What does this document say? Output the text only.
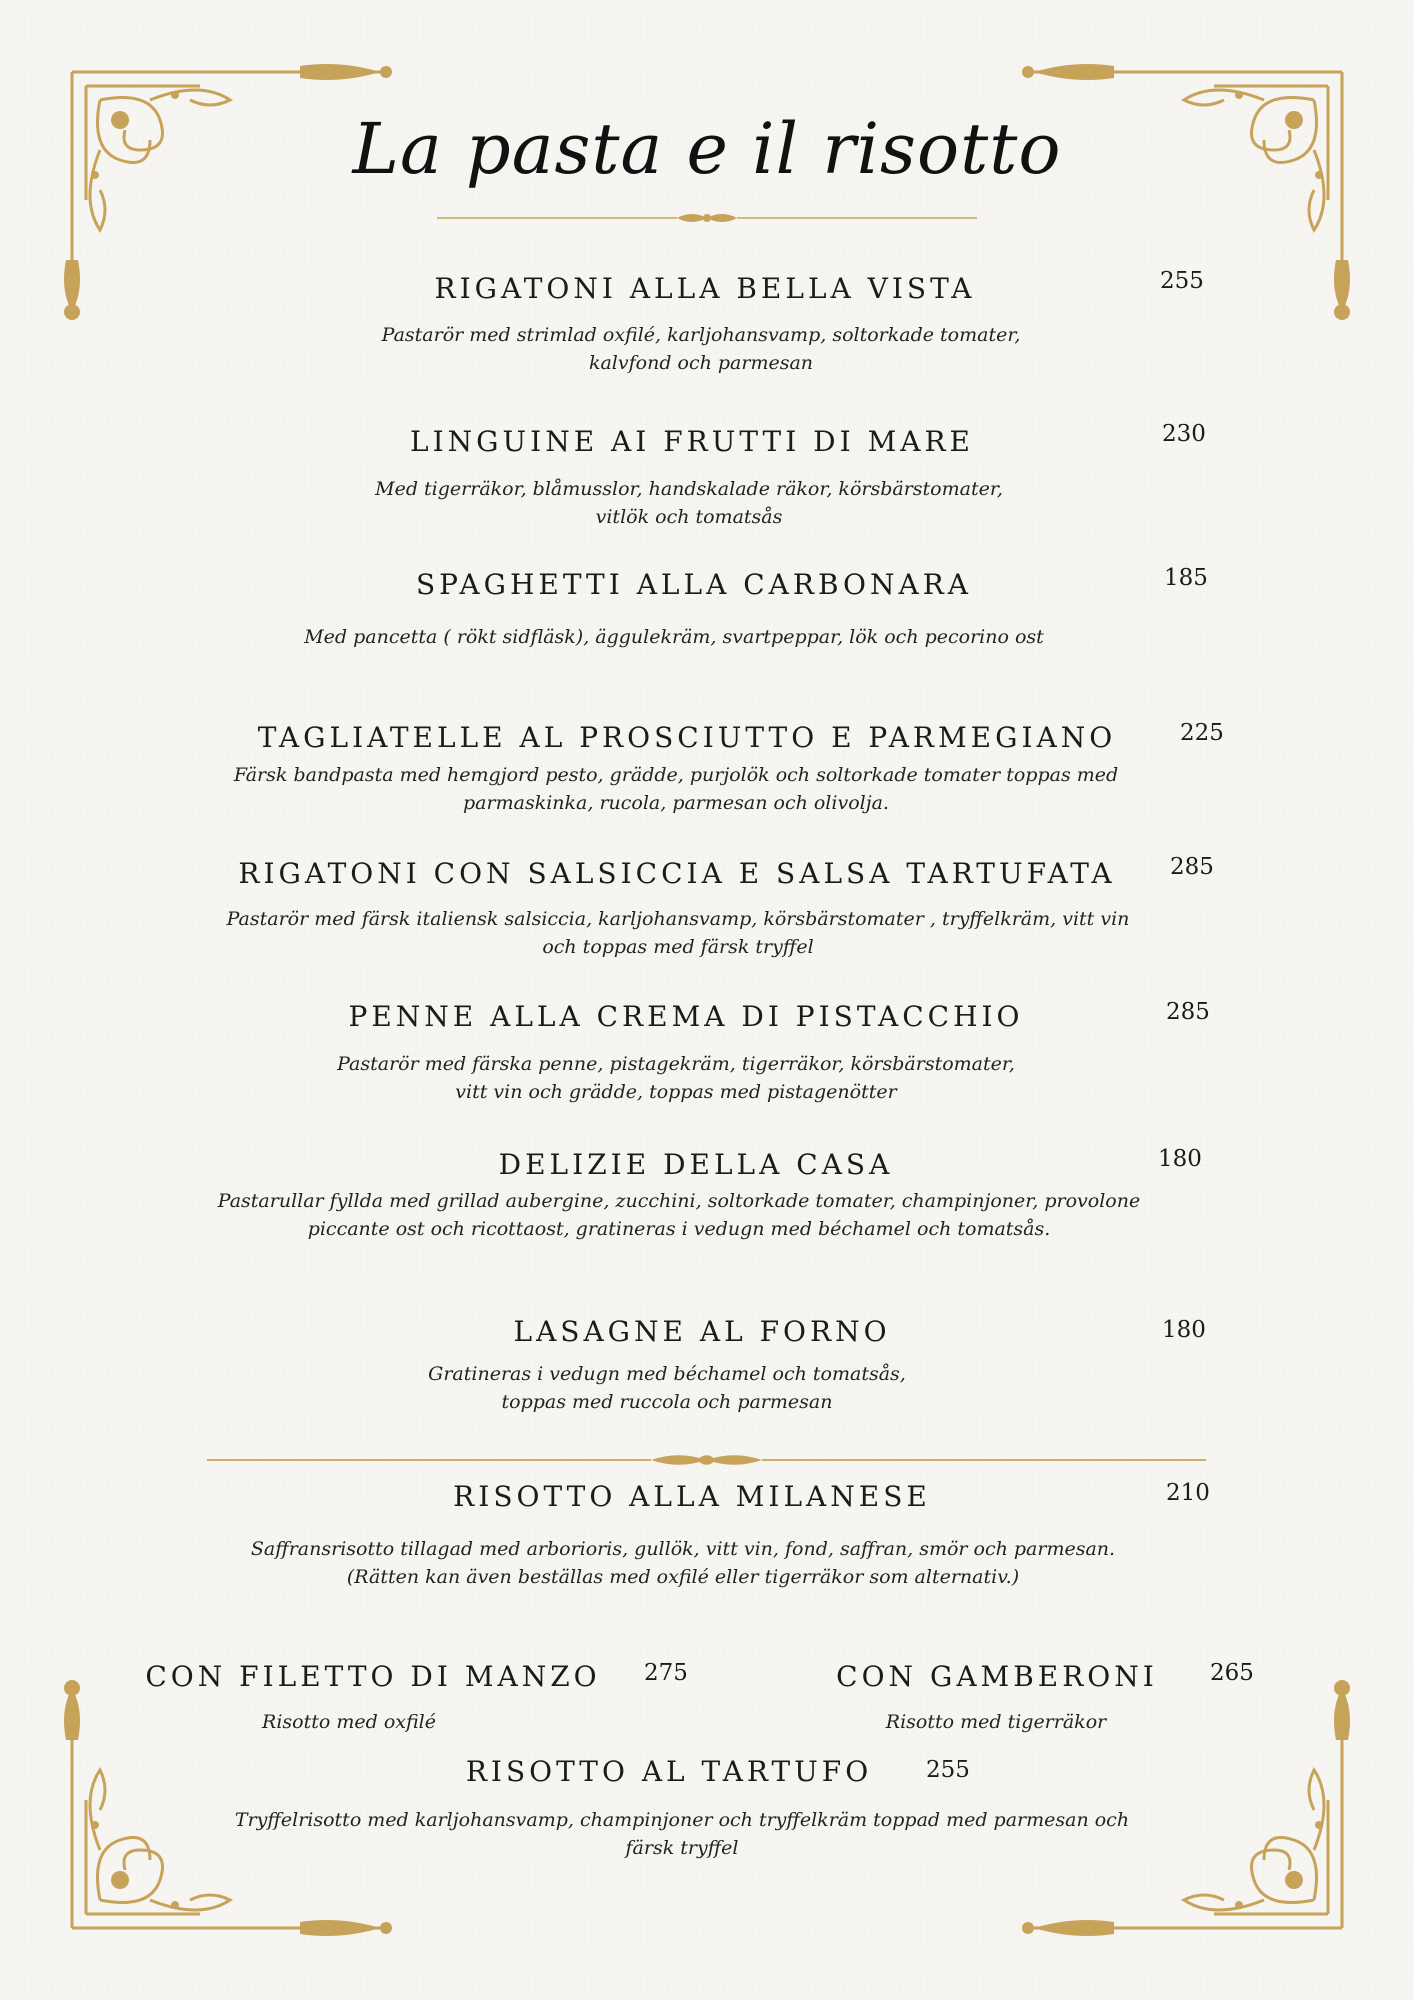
La pasta e il risotto
RIGATONI ALLA BELLA VISTA	255
Pastarör med strimlad oxfilé, karljohansvamp, soltorkade tomater,
kalvfond och parmesan
LINGUINE AI FRUTTI DI MARE	230
Med tigerräkor, blåmusslor, handskalade räkor, körsbärstomater,
vitlök och tomatsås
SPAGHETTI ALLA CARBONARA	185
Med pancetta ( rökt sidfläsk), äggulekräm, svartpeppar, lök och pecorino ost
TAGLIATELLE AL PROSCIUTTO E PARMEGIANO	225
Färsk bandpasta med hemgjord pesto, grädde, purjolök och soltorkade tomater toppas med
parmaskinka, rucola, parmesan och olivolja.
RIGATONI CON SALSICCIA E SALSA TARTUFATA 285
Pastarör med färsk italiensk salsiccia, karljohansvamp, körsbärstomater , tryffelkräm, vitt vin
och toppas med färsk tryffel
PENNE ALLA CREMA DI PISTACCHIO	285
Pastarör med färska penne, pistagekräm, tigerräkor, körsbärstomater,
vitt vin och grädde, toppas med pistagenötter
DELIZIE DELLA CASA	180
Pastarullar fyllda med grillad aubergine, zucchini, soltorkade tomater, champinjoner, provolone
piccante ost och ricottaost, gratineras i vedugn med béchamel och tomatsås.
LASAGNE AL FORNO	180
Gratineras i vedugn med béchamel och tomatsås,
toppas med ruccola och parmesan
RISOTTO ALLA MILANESE	210
Saffransrisotto tillagad med arborioris, gullök, vitt vin, fond, saffran, smör och parmesan.
(Rätten kan även beställas med oxfilé eller tigerräkor som alternativ.)
CON FILETTO DI MANZO 275
Risotto med oxfilé
CON GAMBERONI 265
Risotto med tigerräkor
RISOTTO AL TARTUFO 255
Tryffelrisotto med karljohansvamp, champinjoner och tryffelkräm toppad med parmesan och
färsk tryffel
